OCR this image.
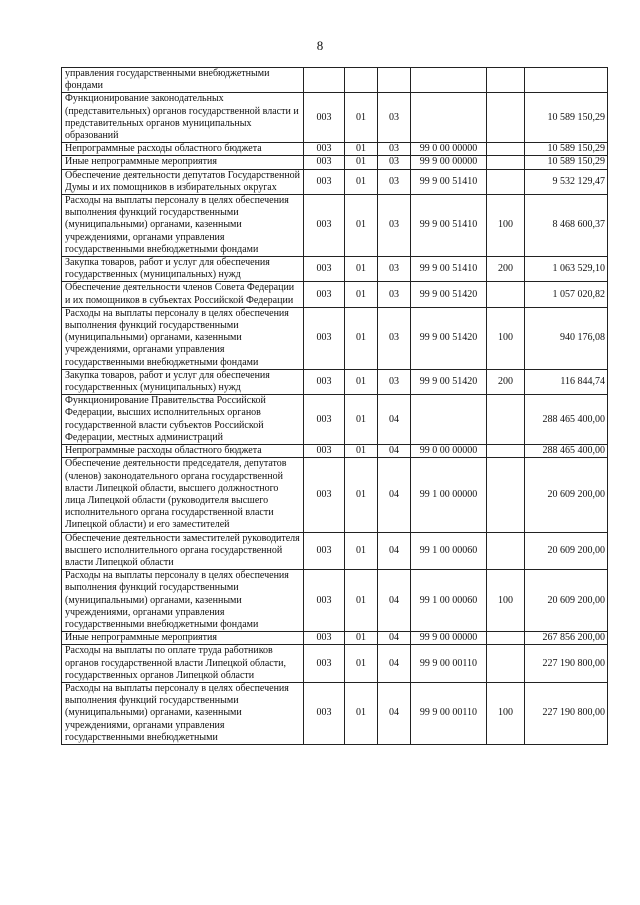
8
управления государственными внебюджетными фондами						
Функционирование законодательных (представительных) органов государственной власти и представительных органов муниципальных образований	003	01	03			10 589 150,29
Непрограммные расходы областного бюджета	003	01	03	99 0 00 00000		10 589 150,29
Иные непрограммные мероприятия	003	01	03	99 9 00 00000		10 589 150,29
Обеспечение деятельности депутатов Государственной Думы и их помощников в избирательных округах	003	01	03	99 9 00 51410		9 532 129,47
Расходы на выплаты персоналу в целях обеспечения выполнения функций государственными (муниципальными) органами, казенными учреждениями, органами управления государственными внебюджетными фондами	003	01	03	99 9 00 51410	100	8 468 600,37
Закупка товаров, работ и услуг для обеспечения государственных (муниципальных) нужд	003	01	03	99 9 00 51410	200	1 063 529,10
Обеспечение деятельности членов Совета Федерации и их помощников в субъектах Российской Федерации	003	01	03	99 9 00 51420		1 057 020,82
Расходы на выплаты персоналу в целях обеспечения выполнения функций государственными (муниципальными) органами, казенными учреждениями, органами управления государственными внебюджетными фондами	003	01	03	99 9 00 51420	100	940 176,08
Закупка товаров, работ и услуг для обеспечения государственных (муниципальных) нужд	003	01	03	99 9 00 51420	200	116 844,74
Функционирование Правительства Российской Федерации, высших исполнительных органов государственной власти субъектов Российской Федерации, местных администраций	003	01	04			288 465 400,00
Непрограммные расходы областного бюджета	003	01	04	99 0 00 00000		288 465 400,00
Обеспечение деятельности председателя, депутатов (членов) законодательного органа государственной власти Липецкой области, высшего должностного лица Липецкой области (руководителя высшего исполнительного органа государственной власти Липецкой области) и его заместителей	003	01	04	99 1 00 00000		20 609 200,00
Обеспечение деятельности заместителей руководителя высшего исполнительного органа государственной власти Липецкой области	003	01	04	99 1 00 00060		20 609 200,00
Расходы на выплаты персоналу в целях обеспечения выполнения функций государственными (муниципальными) органами, казенными учреждениями, органами управления государственными внебюджетными фондами	003	01	04	99 1 00 00060	100	20 609 200,00
Иные непрограммные мероприятия	003	01	04	99 9 00 00000		267 856 200,00
Расходы на выплаты по оплате труда работников органов государственной власти Липецкой области, государственных органов Липецкой области	003	01	04	99 9 00 00110		227 190 800,00
Расходы на выплаты персоналу в целях обеспечения выполнения функций государственными (муниципальными) органами, казенными учреждениями, органами управления государственными внебюджетными	003	01	04	99 9 00 00110	100	227 190 800,00
